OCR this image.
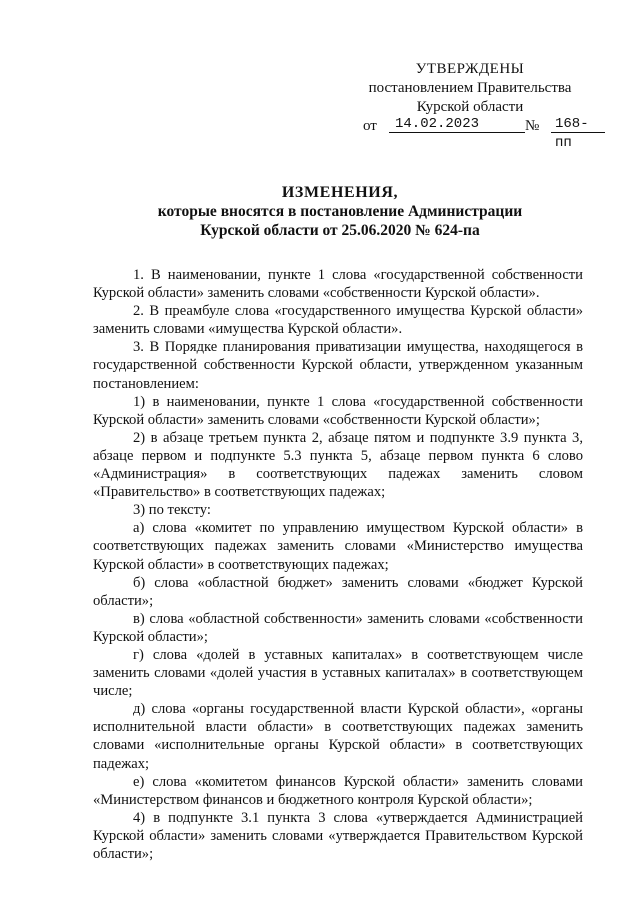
УТВЕРЖДЕНЫ
постановлением Правительства
Курской области
от	14.02.2023	№ 168-пп
ИЗМЕНЕНИЯ,
которые вносятся в постановление Администрации
Курской области от 25.06.2020 № 624-па

1. В наименовании, пункте 1 слова «государственной собственности Курской области» заменить словами «собственности Курской области».

2. В преамбуле слова «государственного имущества Курской области» заменить словами «имущества Курской области».

3. В Порядке планирования приватизации имущества, находящегося в государственной собственности Курской области, утвержденном указанным постановлением:

1) в наименовании, пункте 1 слова «государственной собственности Курской области» заменить словами «собственности Курской области»;

2) в абзаце третьем пункта 2, абзаце пятом и подпункте 3.9 пункта 3, абзаце первом и подпункте 5.3 пункта 5, абзаце первом пункта 6 слово «Администрация» в соответствующих падежах заменить словом «Правительство» в соответствующих падежах;

3) по тексту:

а) слова «комитет по управлению имуществом Курской области» в соответствующих падежах заменить словами «Министерство имущества Курской области» в соответствующих падежах;

б) слова «областной бюджет» заменить словами «бюджет Курской области»;

в) слова «областной собственности» заменить словами «собственности Курской области»;

г) слова «долей в уставных капиталах» в соответствующем числе заменить словами «долей участия в уставных капиталах» в соответствующем числе;

д) слова «органы государственной власти Курской области», «органы исполнительной власти области» в соответствующих падежах заменить словами «исполнительные органы Курской области» в соответствующих падежах;

е) слова «комитетом финансов Курской области» заменить словами «Министерством финансов и бюджетного контроля Курской области»;

4) в подпункте 3.1 пункта 3 слова «утверждается Администрацией Курской области» заменить словами «утверждается Правительством Курской области»;
